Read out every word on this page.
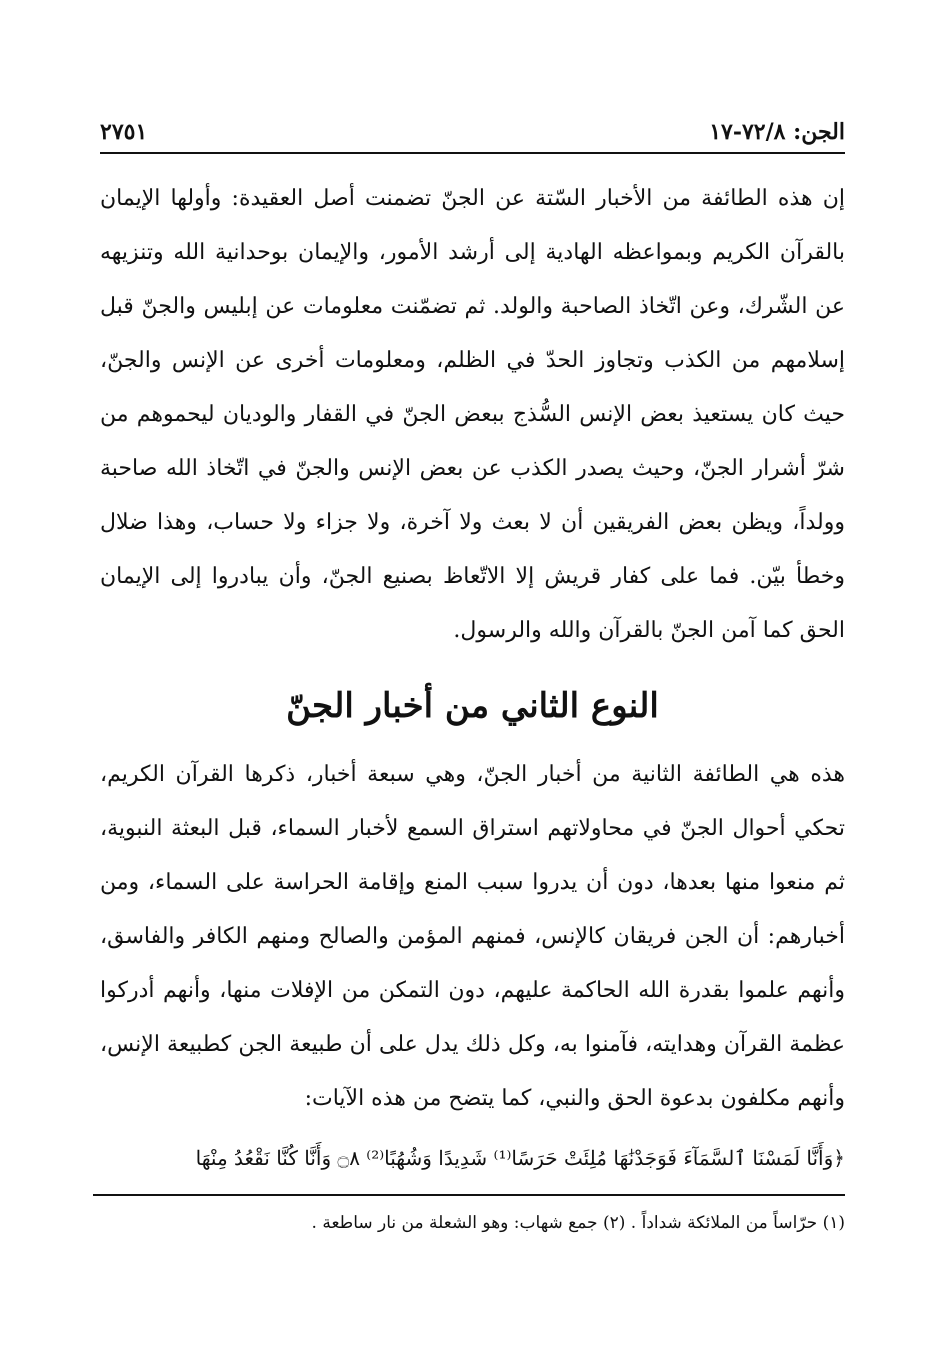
الجن: ٧٢/٨-١٧
٢٧٥١

إن هذه الطائفة من الأخبار السّتة عن الجنّ تضمنت أصل العقيدة: وأولها الإيمان بالقرآن الكريم وبمواعظه الهادية إلى أرشد الأمور، والإيمان بوحدانية الله وتنزيهه عن الشّرك، وعن اتّخاذ الصاحبة والولد. ثم تضمّنت معلومات عن إبليس والجنّ قبل إسلامهم من الكذب وتجاوز الحدّ في الظلم، ومعلومات أخرى عن الإنس والجنّ، حيث كان يستعيذ بعض الإنس السُّذج ببعض الجنّ في القفار والوديان ليحموهم من شرّ أشرار الجنّ، وحيث يصدر الكذب عن بعض الإنس والجنّ في اتّخاذ الله صاحبة وولداً، ويظن بعض الفريقين أن لا بعث ولا آخرة، ولا جزاء ولا حساب، وهذا ضلال وخطأ بيّن. فما على كفار قريش إلا الاتّعاظ بصنيع الجنّ، وأن يبادروا إلى الإيمان الحق كما آمن الجنّ بالقرآن والله والرسول.

النوع الثاني من أخبار الجنّ

هذه هي الطائفة الثانية من أخبار الجنّ، وهي سبعة أخبار، ذكرها القرآن الكريم، تحكي أحوال الجنّ في محاولاتهم استراق السمع لأخبار السماء، قبل البعثة النبوية، ثم منعوا منها بعدها، دون أن يدروا سبب المنع وإقامة الحراسة على السماء، ومن أخبارهم: أن الجن فريقان كالإنس، فمنهم المؤمن والصالح ومنهم الكافر والفاسق، وأنهم علموا بقدرة الله الحاكمة عليهم، دون التمكن من الإفلات منها، وأنهم أدركوا عظمة القرآن وهدايته، فآمنوا به، وكل ذلك يدل على أن طبيعة الجن كطبيعة الإنس، وأنهم مكلفون بدعوة الحق والنبي، كما يتضح من هذه الآيات:

﴿وَأَنَّا لَمَسْنَا ٱلسَّمَآءَ فَوَجَدْنَٰهَا مُلِئَتْ حَرَسًا⁽¹⁾ شَدِيدًا وَشُهُبًا⁽²⁾ ۝٨ وَأَنَّا كُنَّا نَقْعُدُ مِنْهَا
(١) حرّاساً من الملائكة شداداً . (٢) جمع شهاب: وهو الشعلة من نار ساطعة .
